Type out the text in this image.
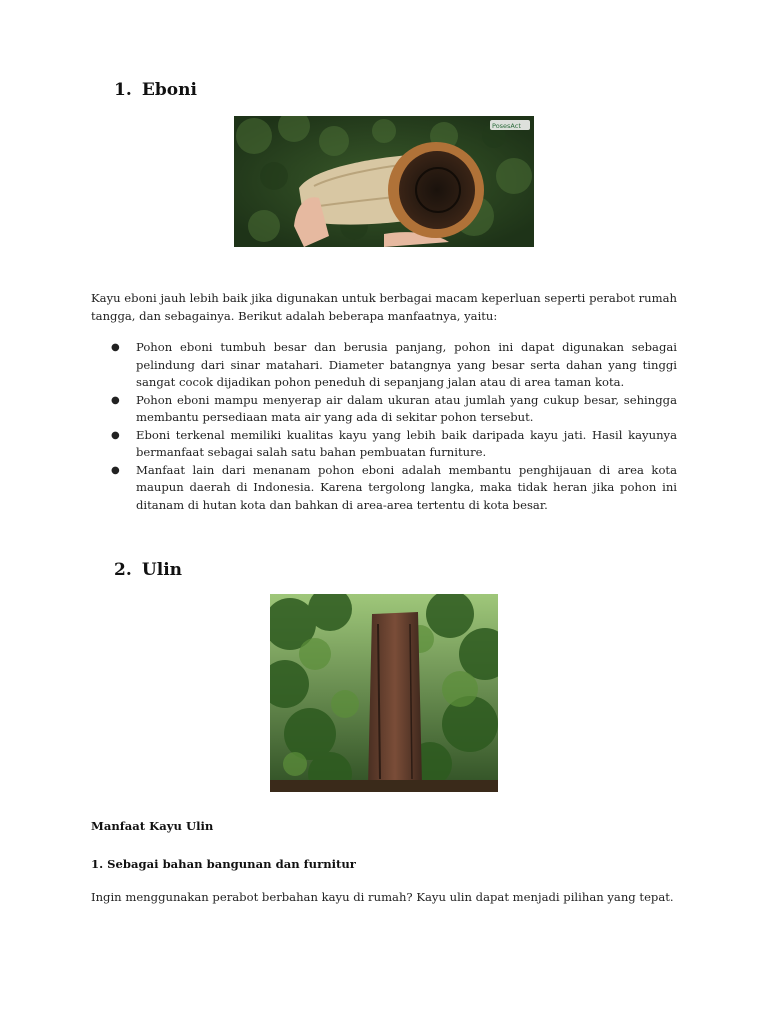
1. Eboni
PosesAct

Kayu eboni jauh lebih baik jika digunakan untuk berbagai macam keperluan seperti perabot rumah tangga, dan sebagainya. Berikut adalah beberapa manfaatnya, yaitu:

● Pohon eboni tumbuh besar dan berusia panjang, pohon ini dapat digunakan sebagai pelindung dari sinar matahari. Diameter batangnya yang besar serta dahan yang tinggi sangat cocok dijadikan pohon peneduh di sepanjang jalan atau di area taman kota.
● Pohon eboni mampu menyerap air dalam ukuran atau jumlah yang cukup besar, sehingga membantu persediaan mata air yang ada di sekitar pohon tersebut.
● Eboni terkenal memiliki kualitas kayu yang lebih baik daripada kayu jati. Hasil kayunya bermanfaat sebagai salah satu bahan pembuatan furniture.
● Manfaat lain dari menanam pohon eboni adalah membantu penghijauan di area kota maupun daerah di Indonesia. Karena tergolong langka, maka tidak heran jika pohon ini ditanam di hutan kota dan bahkan di area-area tertentu di kota besar.
2. Ulin

Manfaat Kayu Ulin

1. Sebagai bahan bangunan dan furnitur

Ingin menggunakan perabot berbahan kayu di rumah? Kayu ulin dapat menjadi pilihan yang tepat.
